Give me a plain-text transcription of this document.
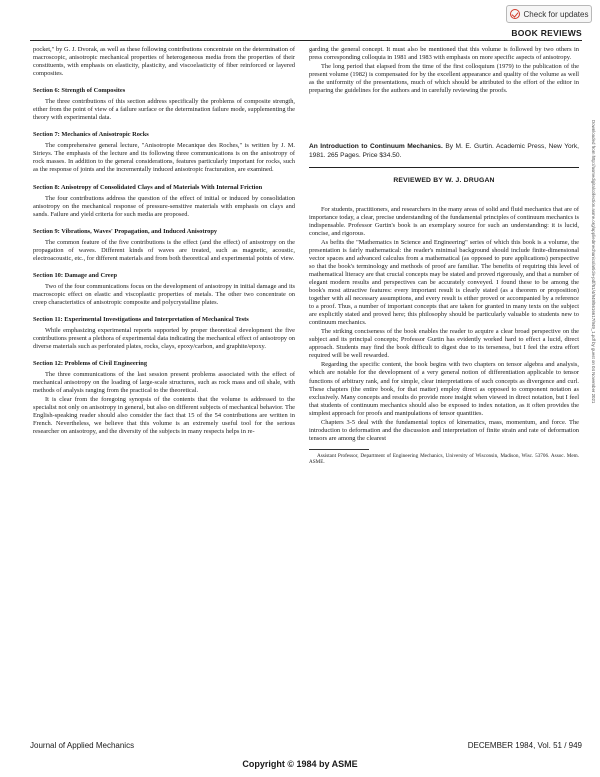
Check for updates
BOOK REVIEWS

pocket," by G. J. Dvorak, as well as these following contributions concentrate on the determination of macroscopic, anisotropic mechanical properties of heterogeneous media from the properties of their constituents, with emphasis on elasticity, plasticity, and viscoelasticity of fiber reinforced or layered composites.

Section 6: Strength of Composites

The three contributions of this section address specifically the problems of composite strength, either from the point of view of a failure surface or the determination failure mode, supplementing the theory with experimental data.

Section 7: Mechanics of Anisotropic Rocks

The comprehensive general lecture, "Anisotropie Mecanique des Roches," is written by J. M. Sirieys. The emphasis of the lecture and its following three communications is on the anisotropy of rock masses. In addition to the general considerations, features particularly important for rocks, such as the response of joints and the incrementally induced anisotropic fracturation, are examined.

Section 8: Anisotropy of Consolidated Clays and of Materials With Internal Friction

The four contributions address the question of the effect of initial or induced by consolidation anisotropy on the mechanical response of pressure-sensitive materials with emphasis on clays and sands. Failure and yield criteria for such media are proposed.

Section 9: Vibrations, Waves' Propagation, and Induced Anisotropy

The common feature of the five contributions is the effect (and the effect) of anisotropy on the propagation of waves. Different kinds of waves are treated, such as magnetic, acoustic, electroacoustic, etc., for different materials and from both theoretical and experimental points of view.

Section 10: Damage and Creep

Two of the four communications focus on the development of anisotropy in initial damage and its macroscopic effect on elastic and viscoplastic properties of metals. The other two concentrate on creep characteristics of anisotropic composite and polycrystalline plates.

Section 11: Experimental Investigations and Interpretation of Mechanical Tests

While emphasizing experimental reports supported by proper theoretical development the five contributions present a plethora of experimental data indicating the mechanical effect of anisotropy on diverse materials such as perforated plates, rocks, clays, epoxy/carbon, and graphite/epoxy.

Section 12: Problems of Civil Engineering

The three communications of the last session present problems associated with the effect of mechanical anisotropy on the loading of large-scale structures, such as rock mass and oil shale, with methods of analysis ranging from the practical to the theoretical.

It is clear from the foregoing synopsis of the contents that the volume is addressed to the specialist not only on anisotropy in general, but also on different subjects of mechanical behavior. The English-speaking reader should also consider the fact that 15 of the 54 contributions are written in French. Nevertheless, we believe that this volume is an extremely useful tool for the serious researcher on anisotropy, and the diversity of the subjects in many respects helps in re-

garding the general concept. It must also be mentioned that this volume is followed by two others in press corresponding colloquia in 1981 and 1983 with emphasis on more specific aspects of anisotropy.

The long period that elapsed from the time of the first colloquium (1979) to the publication of the present volume (1982) is compensated for by the excellent appearance and quality of the volume as well as the uniformity of the presentations, much of which should be attributed to the effort of the editor in preparing the guidelines for the authors and in carefully reviewing the proofs.

An Introduction to Continuum Mechanics. By M. E. Gurtin. Academic Press, New York, 1981. 265 Pages. Price $34.50.
REVIEWED BY W. J. DRUGAN

For students, practitioners, and researchers in the many areas of solid and fluid mechanics that are of importance today, a clear, precise understanding of the fundamental principles of continuum mechanics is indispensable. Professor Gurtin's book is an exemplary source for such an understanding: it is lucid, concise, and rigorous.

As befits the "Mathematics in Science and Engineering" series of which this book is a volume, the presentation is fairly mathematical: the reader's minimal background should include finite-dimensional vector spaces and advanced calculus from a mathematical (as opposed to pure applications) perspective so that the book's terminology and methods of proof are familiar. The benefits of requiring this level of mathematical literacy are that crucial concepts may be stated and proved rigorously, and that a number of elegant modern results and perspectives can be accurately conveyed. I found these to be among the book's most attractive features: every important result is clearly stated (as a theorem or proposition) together with all necessary assumptions, and every result is either proved or accompanied by a reference to a proof. Thus, a number of important concepts that are taken for granted in many texts on the subject are explicitly stated and proved here; this philosophy should be particularly valuable to students new to continuum mechanics.

The striking conciseness of the book enables the reader to acquire a clear broad perspective on the subject and its principal concepts; Professor Gurtin has evidently worked hard to effect a lucid, direct approach. Students may find the book difficult to digest due to its terseness, but I feel the extra effort required will be well rewarded.

Regarding the specific content, the book begins with two chapters on tensor algebra and analysis, which are notable for the development of a very general notion of differentiation applicable to tensor functions of arbitrary rank, and for simple, clear interpretations of such concepts as divergence and curl. These chapters (the entire book, for that matter) employ direct as opposed to component notation as exclusively. Many concepts and results do provide more insight when viewed in direct notation, but I feel that students of continuum mechanics should also be exposed to index notation, as it often provides the simplest approach for proofs and manipulations of tensor quantities.

Chapters 3-5 deal with the fundamental topics of kinematics, mass, momentum, and force. The introduction to deformation and the discussion and interpretation of finite strain and rate of deformation tensors are among the clearest

Assistant Professor, Department of Engineering Mechanics, University of Wisconsin, Madison, Wisc. 53706. Assoc. Mem. ASME.

Downloaded from http://asmedigitalcollection.asme.org/appliedmechanics/article-pdf/51/4/949/5616617/949_1.pdf by guest on 04 November 2021
Journal of Applied Mechanics	DECEMBER 1984, Vol. 51 / 949
Copyright © 1984 by ASME
